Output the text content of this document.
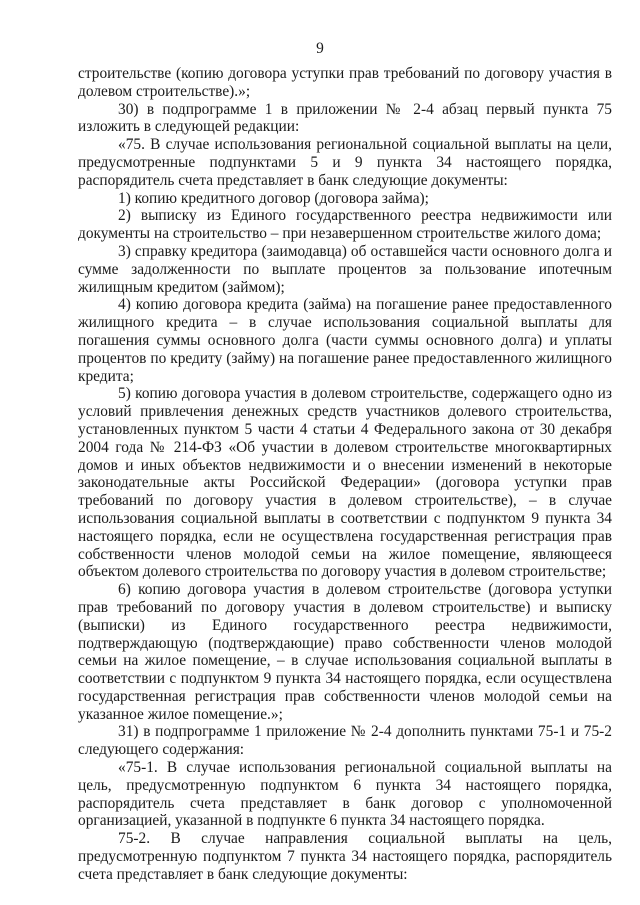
9

строительстве (копию договора уступки прав требований по договору участия в долевом строительстве).»;

30) в подпрограмме 1 в приложении № 2-4 абзац первый пункта 75 изложить в следующей редакции:

«75. В случае использования региональной социальной выплаты на цели, предусмотренные подпунктами 5 и 9 пункта 34 настоящего порядка, распорядитель счета представляет в банк следующие документы:

1) копию кредитного договор (договора займа);

2) выписку из Единого государственного реестра недвижимости или документы на строительство – при незавершенном строительстве жилого дома;

3) справку кредитора (заимодавца) об оставшейся части основного долга и сумме задолженности по выплате процентов за пользование ипотечным жилищным кредитом (займом);

4) копию договора кредита (займа) на погашение ранее предоставленного жилищного кредита – в случае использования социальной выплаты для погашения суммы основного долга (части суммы основного долга) и уплаты процентов по кредиту (займу) на погашение ранее предоставленного жилищного кредита;

5) копию договора участия в долевом строительстве, содержащего одно из условий привлечения денежных средств участников долевого строительства, установленных пунктом 5 части 4 статьи 4 Федерального закона от 30 декабря 2004 года № 214-ФЗ «Об участии в долевом строительстве многоквартирных домов и иных объектов недвижимости и о внесении изменений в некоторые законодательные акты Российской Федерации» (договора уступки прав требований по договору участия в долевом строительстве), – в случае использования социальной выплаты в соответствии с подпунктом 9 пункта 34 настоящего порядка, если не осуществлена государственная регистрация прав собственности членов молодой семьи на жилое помещение, являющееся объектом долевого строительства по договору участия в долевом строительстве;

6) копию договора участия в долевом строительстве (договора уступки прав требований по договору участия в долевом строительстве) и выписку (выписки) из Единого государственного реестра недвижимости, подтверждающую (подтверждающие) право собственности членов молодой семьи на жилое помещение, – в случае использования социальной выплаты в соответствии с подпунктом 9 пункта 34 настоящего порядка, если осуществлена государственная регистрация прав собственности членов молодой семьи на указанное жилое помещение.»;

31) в подпрограмме 1 приложение № 2-4 дополнить пунктами 75-1 и 75-2 следующего содержания:

«75-1. В случае использования региональной социальной выплаты на цель, предусмотренную подпунктом 6 пункта 34 настоящего порядка, распорядитель счета представляет в банк договор с уполномоченной организацией, указанной в подпункте 6 пункта 34 настоящего порядка.

75-2. В случае направления социальной выплаты на цель, предусмотренную подпунктом 7 пункта 34 настоящего порядка, распорядитель счета представляет в банк следующие документы:
